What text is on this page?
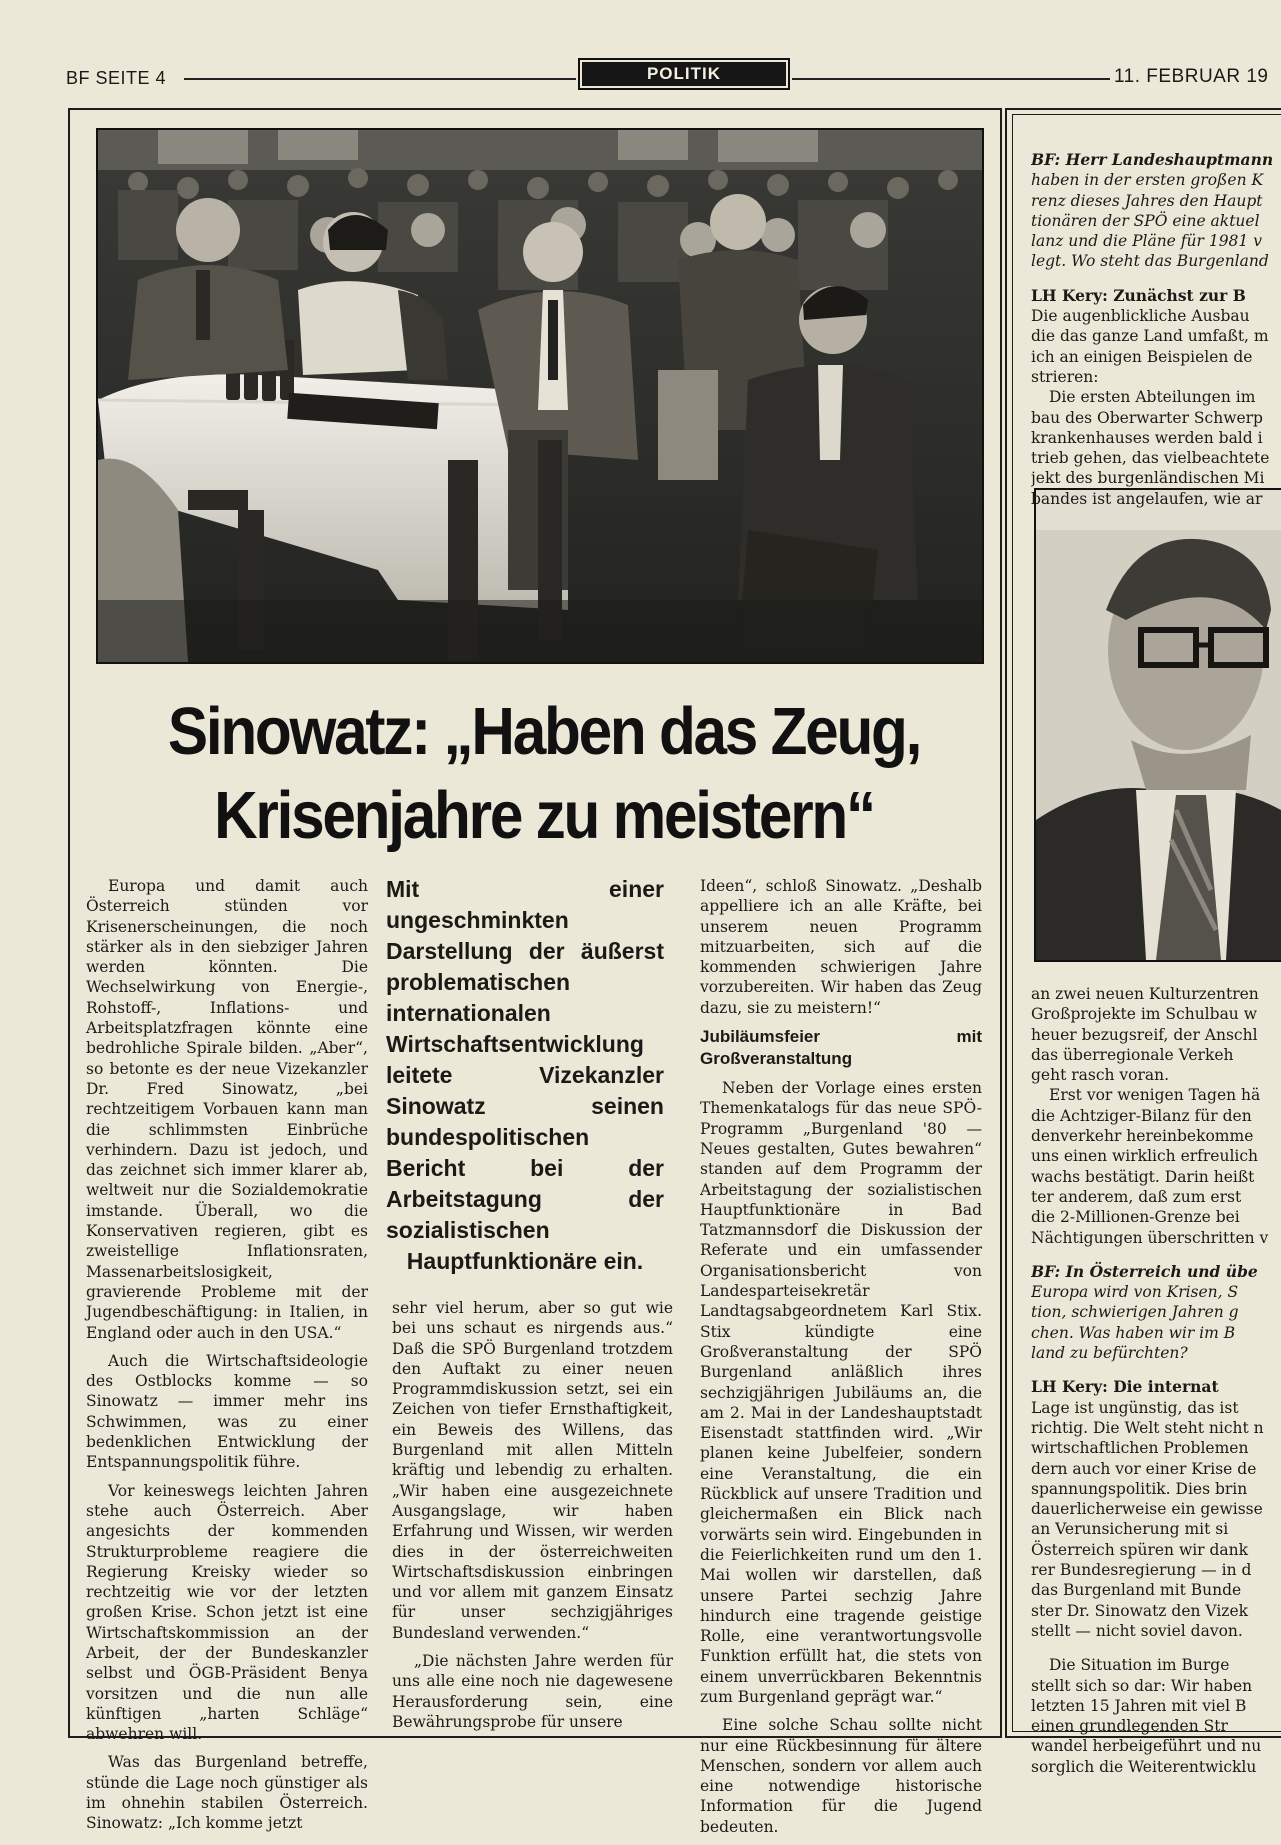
BF SEITE 4	POLITIK	11. FEBRUAR 19
Sinowatz: „Haben das Zeug,
Krisenjahre zu meistern“

Europa und damit auch Österreich stünden vor Krisenerscheinungen, die noch stärker als in den siebziger Jahren werden könnten. Die Wechselwirkung von Energie-, Rohstoff-, Inflations- und Arbeitsplatzfragen könnte eine bedrohliche Spirale bilden. „Aber“, so betonte es der neue Vizekanzler Dr. Fred Sinowatz, „bei rechtzeitigem Vorbauen kann man die schlimmsten Einbrüche verhindern. Dazu ist jedoch, und das zeichnet sich immer klarer ab, weltweit nur die Sozialdemokratie imstande. Überall, wo die Konservativen regieren, gibt es zweistellige Inflationsraten, Massenarbeitslosigkeit, gravierende Probleme mit der Jugendbeschäftigung: in Italien, in England oder auch in den USA.“

Auch die Wirtschaftsideologie des Ostblocks komme — so Sinowatz — immer mehr ins Schwimmen, was zu einer bedenklichen Entwicklung der Entspannungspolitik führe.

Vor keineswegs leichten Jahren stehe auch Österreich. Aber angesichts der kommenden Strukturprobleme reagiere die Regierung Kreisky wieder so rechtzeitig wie vor der letzten großen Krise. Schon jetzt ist eine Wirtschaftskommission an der Arbeit, der der Bundeskanzler selbst und ÖGB-Präsident Benya vorsitzen und die nun alle künftigen „harten Schläge“ abwehren will.

Was das Burgenland betreffe, stünde die Lage noch günstiger als im ohnehin stabilen Österreich. Sinowatz: „Ich komme jetzt

Mit einer ungeschminkten Darstellung der äußerst problematischen internationalen Wirtschaftsentwicklung leitete Vizekanzler Sinowatz seinen bundespolitischen Bericht bei der Arbeitstagung der sozialistischen Hauptfunktionäre ein.

sehr viel herum, aber so gut wie bei uns schaut es nirgends aus.“ Daß die SPÖ Burgenland trotzdem den Auftakt zu einer neuen Programmdiskussion setzt, sei ein Zeichen von tiefer Ernsthaftigkeit, ein Beweis des Willens, das Burgenland mit allen Mitteln kräftig und lebendig zu erhalten. „Wir haben eine ausgezeichnete Ausgangslage, wir haben Erfahrung und Wissen, wir werden dies in der österreichweiten Wirtschaftsdiskussion einbringen und vor allem mit ganzem Einsatz für unser sechzigjähriges Bundesland verwenden.“

„Die nächsten Jahre werden für uns alle eine noch nie dagewesene Herausforderung sein, eine Bewährungsprobe für unsere

Ideen“, schloß Sinowatz. „Deshalb appelliere ich an alle Kräfte, bei unserem neuen Programm mitzuarbeiten, sich auf die kommenden schwierigen Jahre vorzubereiten. Wir haben das Zeug dazu, sie zu meistern!“

Jubiläumsfeier mit Großveranstaltung

Neben der Vorlage eines ersten Themenkatalogs für das neue SPÖ-Programm „Burgenland '80 — Neues gestalten, Gutes bewahren“ standen auf dem Programm der Arbeitstagung der sozialistischen Hauptfunktionäre in Bad Tatzmannsdorf die Diskussion der Referate und ein umfassender Organisationsbericht von Landesparteisekretär Landtagsabgeordnetem Karl Stix. Stix kündigte eine Großveranstaltung der SPÖ Burgenland anläßlich ihres sechzigjährigen Jubiläums an, die am 2. Mai in der Landeshauptstadt Eisenstadt stattfinden wird. „Wir planen keine Jubelfeier, sondern eine Veranstaltung, die ein Rückblick auf unsere Tradition und gleichermaßen ein Blick nach vorwärts sein wird. Eingebunden in die Feierlichkeiten rund um den 1. Mai wollen wir darstellen, daß unsere Partei sechzig Jahre hindurch eine tragende geistige Rolle, eine verantwortungsvolle Funktion erfüllt hat, die stets von einem unverrückbaren Bekenntnis zum Burgenland geprägt war.“

Eine solche Schau sollte nicht nur eine Rückbesinnung für ältere Menschen, sondern vor allem auch eine notwendige historische Information für die Jugend bedeuten.

BF: Herr Landeshauptmann
haben in der ersten großen K
renz dieses Jahres den Haupt
tionären der SPÖ eine aktuel
lanz und die Pläne für 1981 v
legt. Wo steht das Burgenland
LH Kery: Zunächst zur B
Die augenblickliche Ausbau
die das ganze Land umfaßt, m
ich an einigen Beispielen de
strieren:
Die ersten Abteilungen im
bau des Oberwarter Schwerp
krankenhauses werden bald i
trieb gehen, das vielbeachtete
jekt des burgenländischen Mi
bandes ist angelaufen, wie ar
an zwei neuen Kulturzentren
Großprojekte im Schulbau w
heuer bezugsreif, der Anschl
das überregionale Verkeh
geht rasch voran.
Erst vor wenigen Tagen hä
die Achtziger-Bilanz für den
denverkehr hereinbekomme
uns einen wirklich erfreulich
wachs bestätigt. Darin heißt
ter anderem, daß zum erst
die 2-Millionen-Grenze bei
Nächtigungen überschritten v
BF: In Österreich und übe
Europa wird von Krisen, S
tion, schwierigen Jahren g
chen. Was haben wir im B
land zu befürchten?
LH Kery: Die internat
Lage ist ungünstig, das ist
richtig. Die Welt steht nicht n
wirtschaftlichen Problemen
dern auch vor einer Krise de
spannungspolitik. Dies brin
dauerlicherweise ein gewisse
an Verunsicherung mit si
Österreich spüren wir dank
rer Bundesregierung — in d
das Burgenland mit Bunde
ster Dr. Sinowatz den Vizek
stellt — nicht soviel davon.
Die Situation im Burge
stellt sich so dar: Wir haben
letzten 15 Jahren mit viel B
einen grundlegenden Str
wandel herbeigeführt und nu
sorglich die Weiterentwicklu
